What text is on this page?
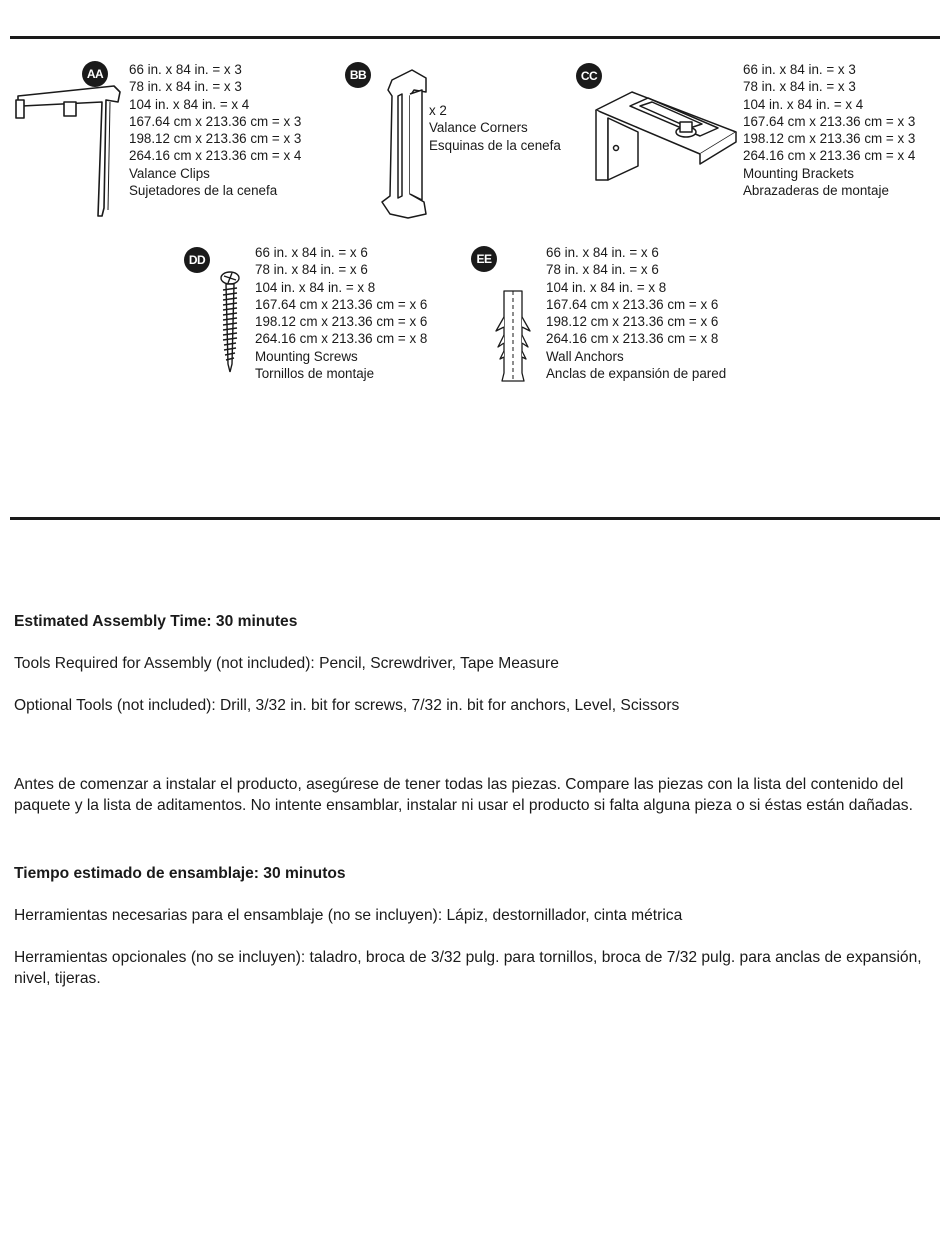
AA	66 in. x 84 in. = x 3
78 in. x 84 in. = x 3
104 in. x 84 in. = x 4
167.64 cm x 213.36 cm = x 3
198.12 cm x 213.36 cm = x 3
264.16 cm x 213.36 cm = x 4
Valance Clips
Sujetadores de la cenefa
BB
x 2
Valance Corners
Esquinas de la cenefa
CC	66 in. x 84 in. = x 3
78 in. x 84 in. = x 3
104 in. x 84 in. = x 4
167.64 cm x 213.36 cm = x 3
198.12 cm x 213.36 cm = x 3
264.16 cm x 213.36 cm = x 4
Mounting Brackets
Abrazaderas de montaje
DD	66 in. x 84 in. = x 6
78 in. x 84 in. = x 6
104 in. x 84 in. = x 8
167.64 cm x 213.36 cm = x 6
198.12 cm x 213.36 cm = x 6
264.16 cm x 213.36 cm = x 8
Mounting Screws
Tornillos de montaje
EE	66 in. x 84 in. = x 6
78 in. x 84 in. = x 6
104 in. x 84 in. = x 8
167.64 cm x 213.36 cm = x 6
198.12 cm x 213.36 cm = x 6
264.16 cm x 213.36 cm = x 8
Wall Anchors
Anclas de expansión de pared

Estimated Assembly Time: 30 minutes

Tools Required for Assembly (not included): Pencil, Screwdriver, Tape Measure

Optional Tools (not included): Drill, 3/32 in. bit for screws, 7/32 in. bit for anchors, Level, Scissors

Antes de comenzar a instalar el producto, asegúrese de tener todas las piezas. Compare las piezas con la lista del contenido del paquete y la lista de aditamentos. No intente ensamblar, instalar ni usar el producto si falta alguna pieza o si éstas están dañadas.

Tiempo estimado de ensamblaje: 30 minutos

Herramientas necesarias para el ensamblaje (no se incluyen): Lápiz, destornillador, cinta métrica

Herramientas opcionales (no se incluyen): taladro, broca de 3/32 pulg. para tornillos, broca de 7/32 pulg. para anclas de expansión, nivel, tijeras.
